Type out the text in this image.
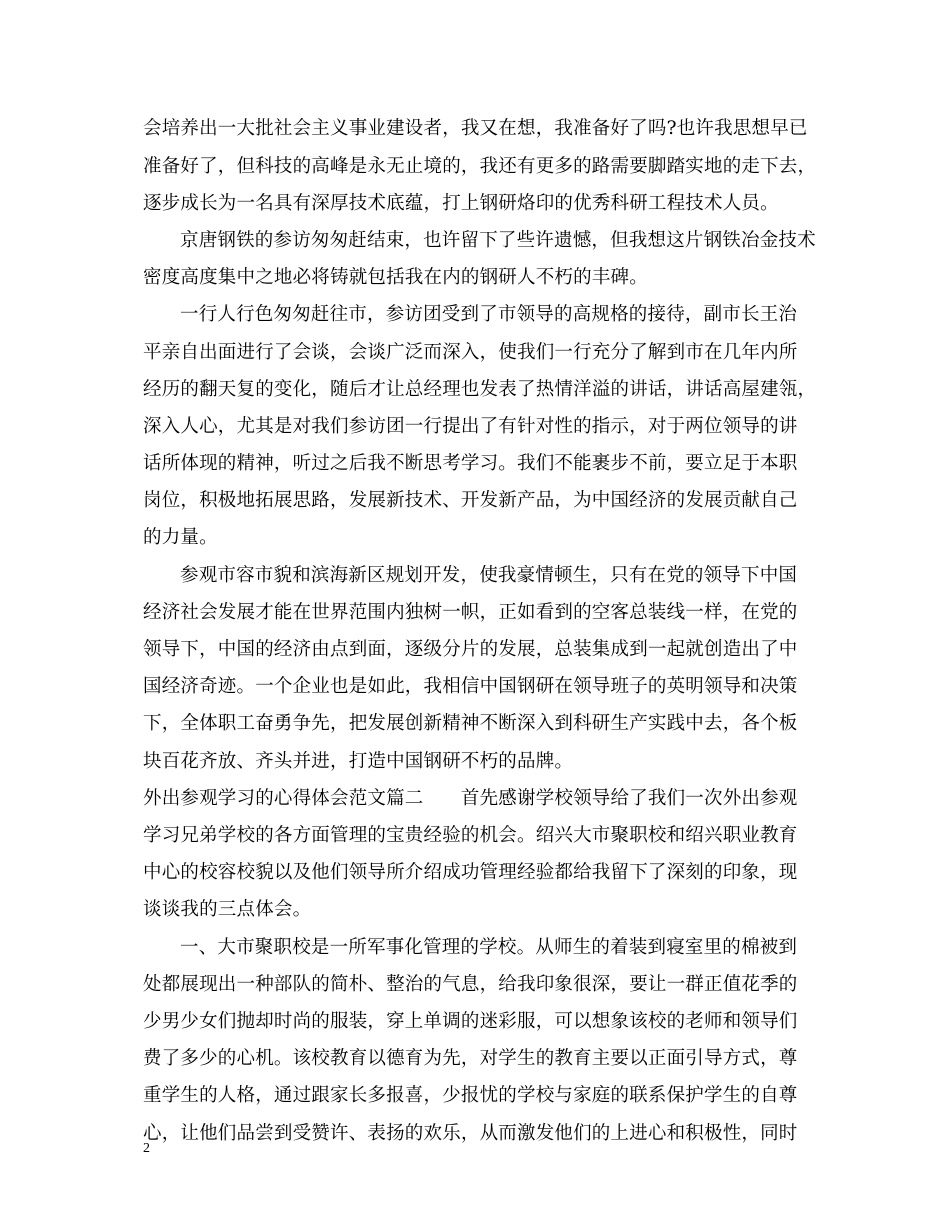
会培养出一大批社会主义事业建设者，我又在想，我准备好了吗?也许我思想早已
准备好了，但科技的高峰是永无止境的，我还有更多的路需要脚踏实地的走下去，
逐步成长为一名具有深厚技术底蕴，打上钢研烙印的优秀科研工程技术人员。
京唐钢铁的参访匆匆赶结束，也许留下了些许遗憾，但我想这片钢铁冶金技术
密度高度集中之地必将铸就包括我在内的钢研人不朽的丰碑。
一行人行色匆匆赶往市，参访团受到了市领导的高规格的接待，副市长王治
平亲自出面进行了会谈，会谈广泛而深入，使我们一行充分了解到市在几年内所
经历的翻天复的变化，随后才让总经理也发表了热情洋溢的讲话，讲话高屋建瓴，
深入人心，尤其是对我们参访团一行提出了有针对性的指示，对于两位领导的讲
话所体现的精神，听过之后我不断思考学习。我们不能裹步不前，要立足于本职
岗位，积极地拓展思路，发展新技术、开发新产品，为中国经济的发展贡献自己
的力量。
参观市容市貌和滨海新区规划开发，使我豪情顿生，只有在党的领导下中国
经济社会发展才能在世界范围内独树一帜，正如看到的空客总装线一样，在党的
领导下，中国的经济由点到面，逐级分片的发展，总装集成到一起就创造出了中
国经济奇迹。一个企业也是如此，我相信中国钢研在领导班子的英明领导和决策
下，全体职工奋勇争先，把发展创新精神不断深入到科研生产实践中去，各个板
块百花齐放、齐头并进，打造中国钢研不朽的品牌。
外出参观学习的心得体会范文篇二　　首先感谢学校领导给了我们一次外出参观
学习兄弟学校的各方面管理的宝贵经验的机会。绍兴大市聚职校和绍兴职业教育
中心的校容校貌以及他们领导所介绍成功管理经验都给我留下了深刻的印象，现
谈谈我的三点体会。
一、大市聚职校是一所军事化管理的学校。从师生的着装到寝室里的棉被到
处都展现出一种部队的简朴、整治的气息，给我印象很深，要让一群正值花季的
少男少女们抛却时尚的服装，穿上单调的迷彩服，可以想象该校的老师和领导们
费了多少的心机。该校教育以德育为先，对学生的教育主要以正面引导方式，尊
重学生的人格，通过跟家长多报喜，少报忧的学校与家庭的联系保护学生的自尊
心，让他们品尝到受赞许、表扬的欢乐，从而激发他们的上进心和积极性，同时
2
